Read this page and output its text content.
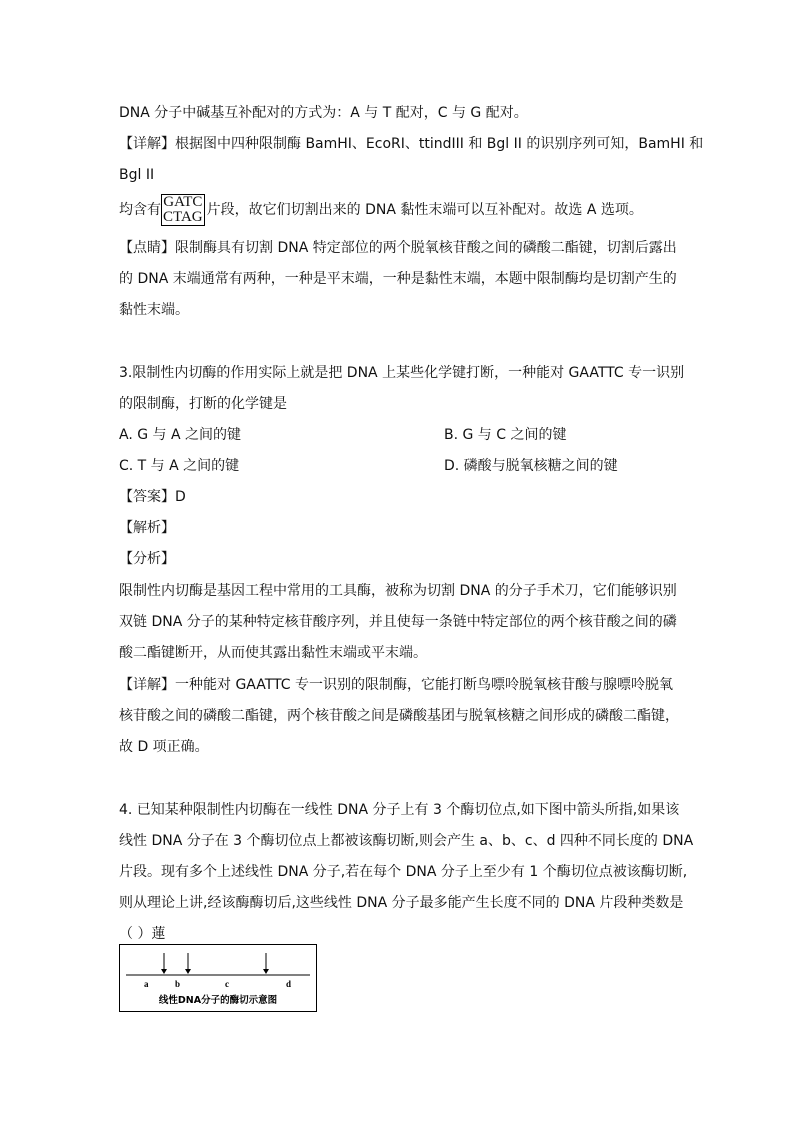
DNA 分子中碱基互补配对的方式为：A 与 T 配对，C 与 G 配对。
【详解】根据图中四种限制酶 BamHI、EcoRI、ttindIII 和 Bgl II 的识别序列可知，BamHI 和
Bgl II
均含有 GATC
CTAG 片段，故它们切割出来的 DNA 黏性末端可以互补配对。故选 A 选项。
【点睛】限制酶具有切割 DNA 特定部位的两个脱氧核苷酸之间的磷酸二酯键，切割后露出
的 DNA 末端通常有两种，一种是平末端，一种是黏性末端，本题中限制酶均是切割产生的
黏性末端。
3.限制性内切酶的作用实际上就是把 DNA 上某些化学键打断，一种能对 GAATTC 专一识别
的限制酶，打断的化学键是
A. G 与 A 之间的键	B. G 与 C 之间的键
C. T 与 A 之间的键	D. 磷酸与脱氧核糖之间的键
【答案】D
【解析】
【分析】
限制性内切酶是基因工程中常用的工具酶，被称为切割 DNA 的分子手术刀，它们能够识别
双链 DNA 分子的某种特定核苷酸序列，并且使每一条链中特定部位的两个核苷酸之间的磷
酸二酯键断开，从而使其露出黏性末端或平末端。
【详解】一种能对 GAATTC 专一识别的限制酶，它能打断鸟嘌呤脱氧核苷酸与腺嘌呤脱氧
核苷酸之间的磷酸二酯键，两个核苷酸之间是磷酸基团与脱氧核糖之间形成的磷酸二酯键，
故 D 项正确。
4. 已知某种限制性内切酶在一线性 DNA 分子上有 3 个酶切位点,如下图中箭头所指,如果该
线性 DNA 分子在 3 个酶切位点上都被该酶切断,则会产生 a、b、c、d 四种不同长度的 DNA
片段。现有多个上述线性 DNA 分子,若在每个 DNA 分子上至少有 1 个酶切位点被该酶切断,
则从理论上讲,经该酶酶切后,这些线性 DNA 分子最多能产生长度不同的 DNA 片段种类数是
（ ）蓮
a	b	c	d
线性DNA分子的酶切示意图
